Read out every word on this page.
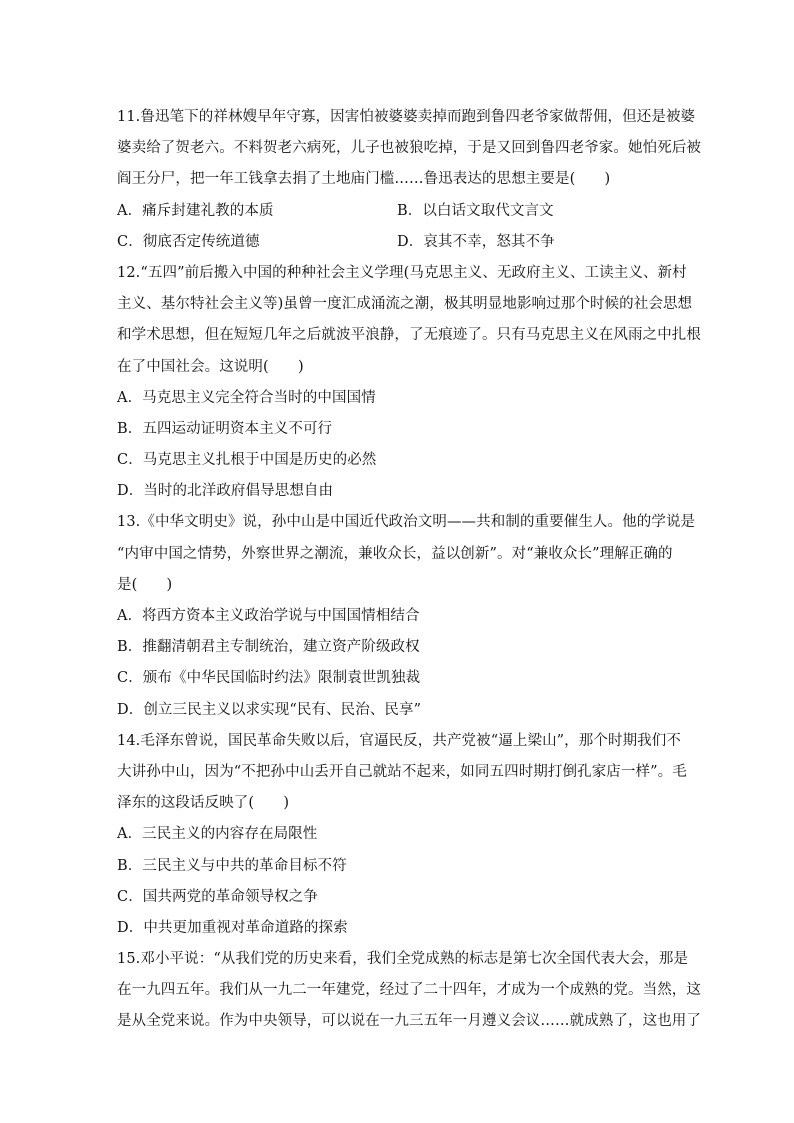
11.鲁迅笔下的祥林嫂早年守寡，因害怕被婆婆卖掉而跑到鲁四老爷家做帮佣，但还是被婆
婆卖给了贺老六。不料贺老六病死，儿子也被狼吃掉，于是又回到鲁四老爷家。她怕死后被
阎王分尸，把一年工钱拿去捐了土地庙门槛……鲁迅表达的思想主要是(　　)
A．痛斥封建礼教的本质	B．以白话文取代文言文
C．彻底否定传统道德	D．哀其不幸，怒其不争
12.“五四”前后搬入中国的种种社会主义学理(马克思主义、无政府主义、工读主义、新村
主义、基尔特社会主义等)虽曾一度汇成涌流之潮，极其明显地影响过那个时候的社会思想
和学术思想，但在短短几年之后就波平浪静，了无痕迹了。只有马克思主义在风雨之中扎根
在了中国社会。这说明(　　)
A．马克思主义完全符合当时的中国国情
B．五四运动证明资本主义不可行
C．马克思主义扎根于中国是历史的必然
D．当时的北洋政府倡导思想自由
13.《中华文明史》说，孙中山是中国近代政治文明——共和制的重要催生人。他的学说是
“内审中国之情势，外察世界之潮流，兼收众长，益以创新”。对“兼收众长”理解正确的
是(　　)
A．将西方资本主义政治学说与中国国情相结合
B．推翻清朝君主专制统治，建立资产阶级政权
C．颁布《中华民国临时约法》限制袁世凯独裁
D．创立三民主义以求实现“民有、民治、民享”
14.毛泽东曾说，国民革命失败以后，官逼民反，共产党被“逼上梁山”，那个时期我们不
大讲孙中山，因为“不把孙中山丢开自己就站不起来，如同五四时期打倒孔家店一样”。毛
泽东的这段话反映了(　　)
A．三民主义的内容存在局限性
B．三民主义与中共的革命目标不符
C．国共两党的革命领导权之争
D．中共更加重视对革命道路的探索
15.邓小平说：“从我们党的历史来看，我们全党成熟的标志是第七次全国代表大会，那是
在一九四五年。我们从一九二一年建党，经过了二十四年，才成为一个成熟的党。当然，这
是从全党来说。作为中央领导，可以说在一九三五年一月遵义会议……就成熟了，这也用了
